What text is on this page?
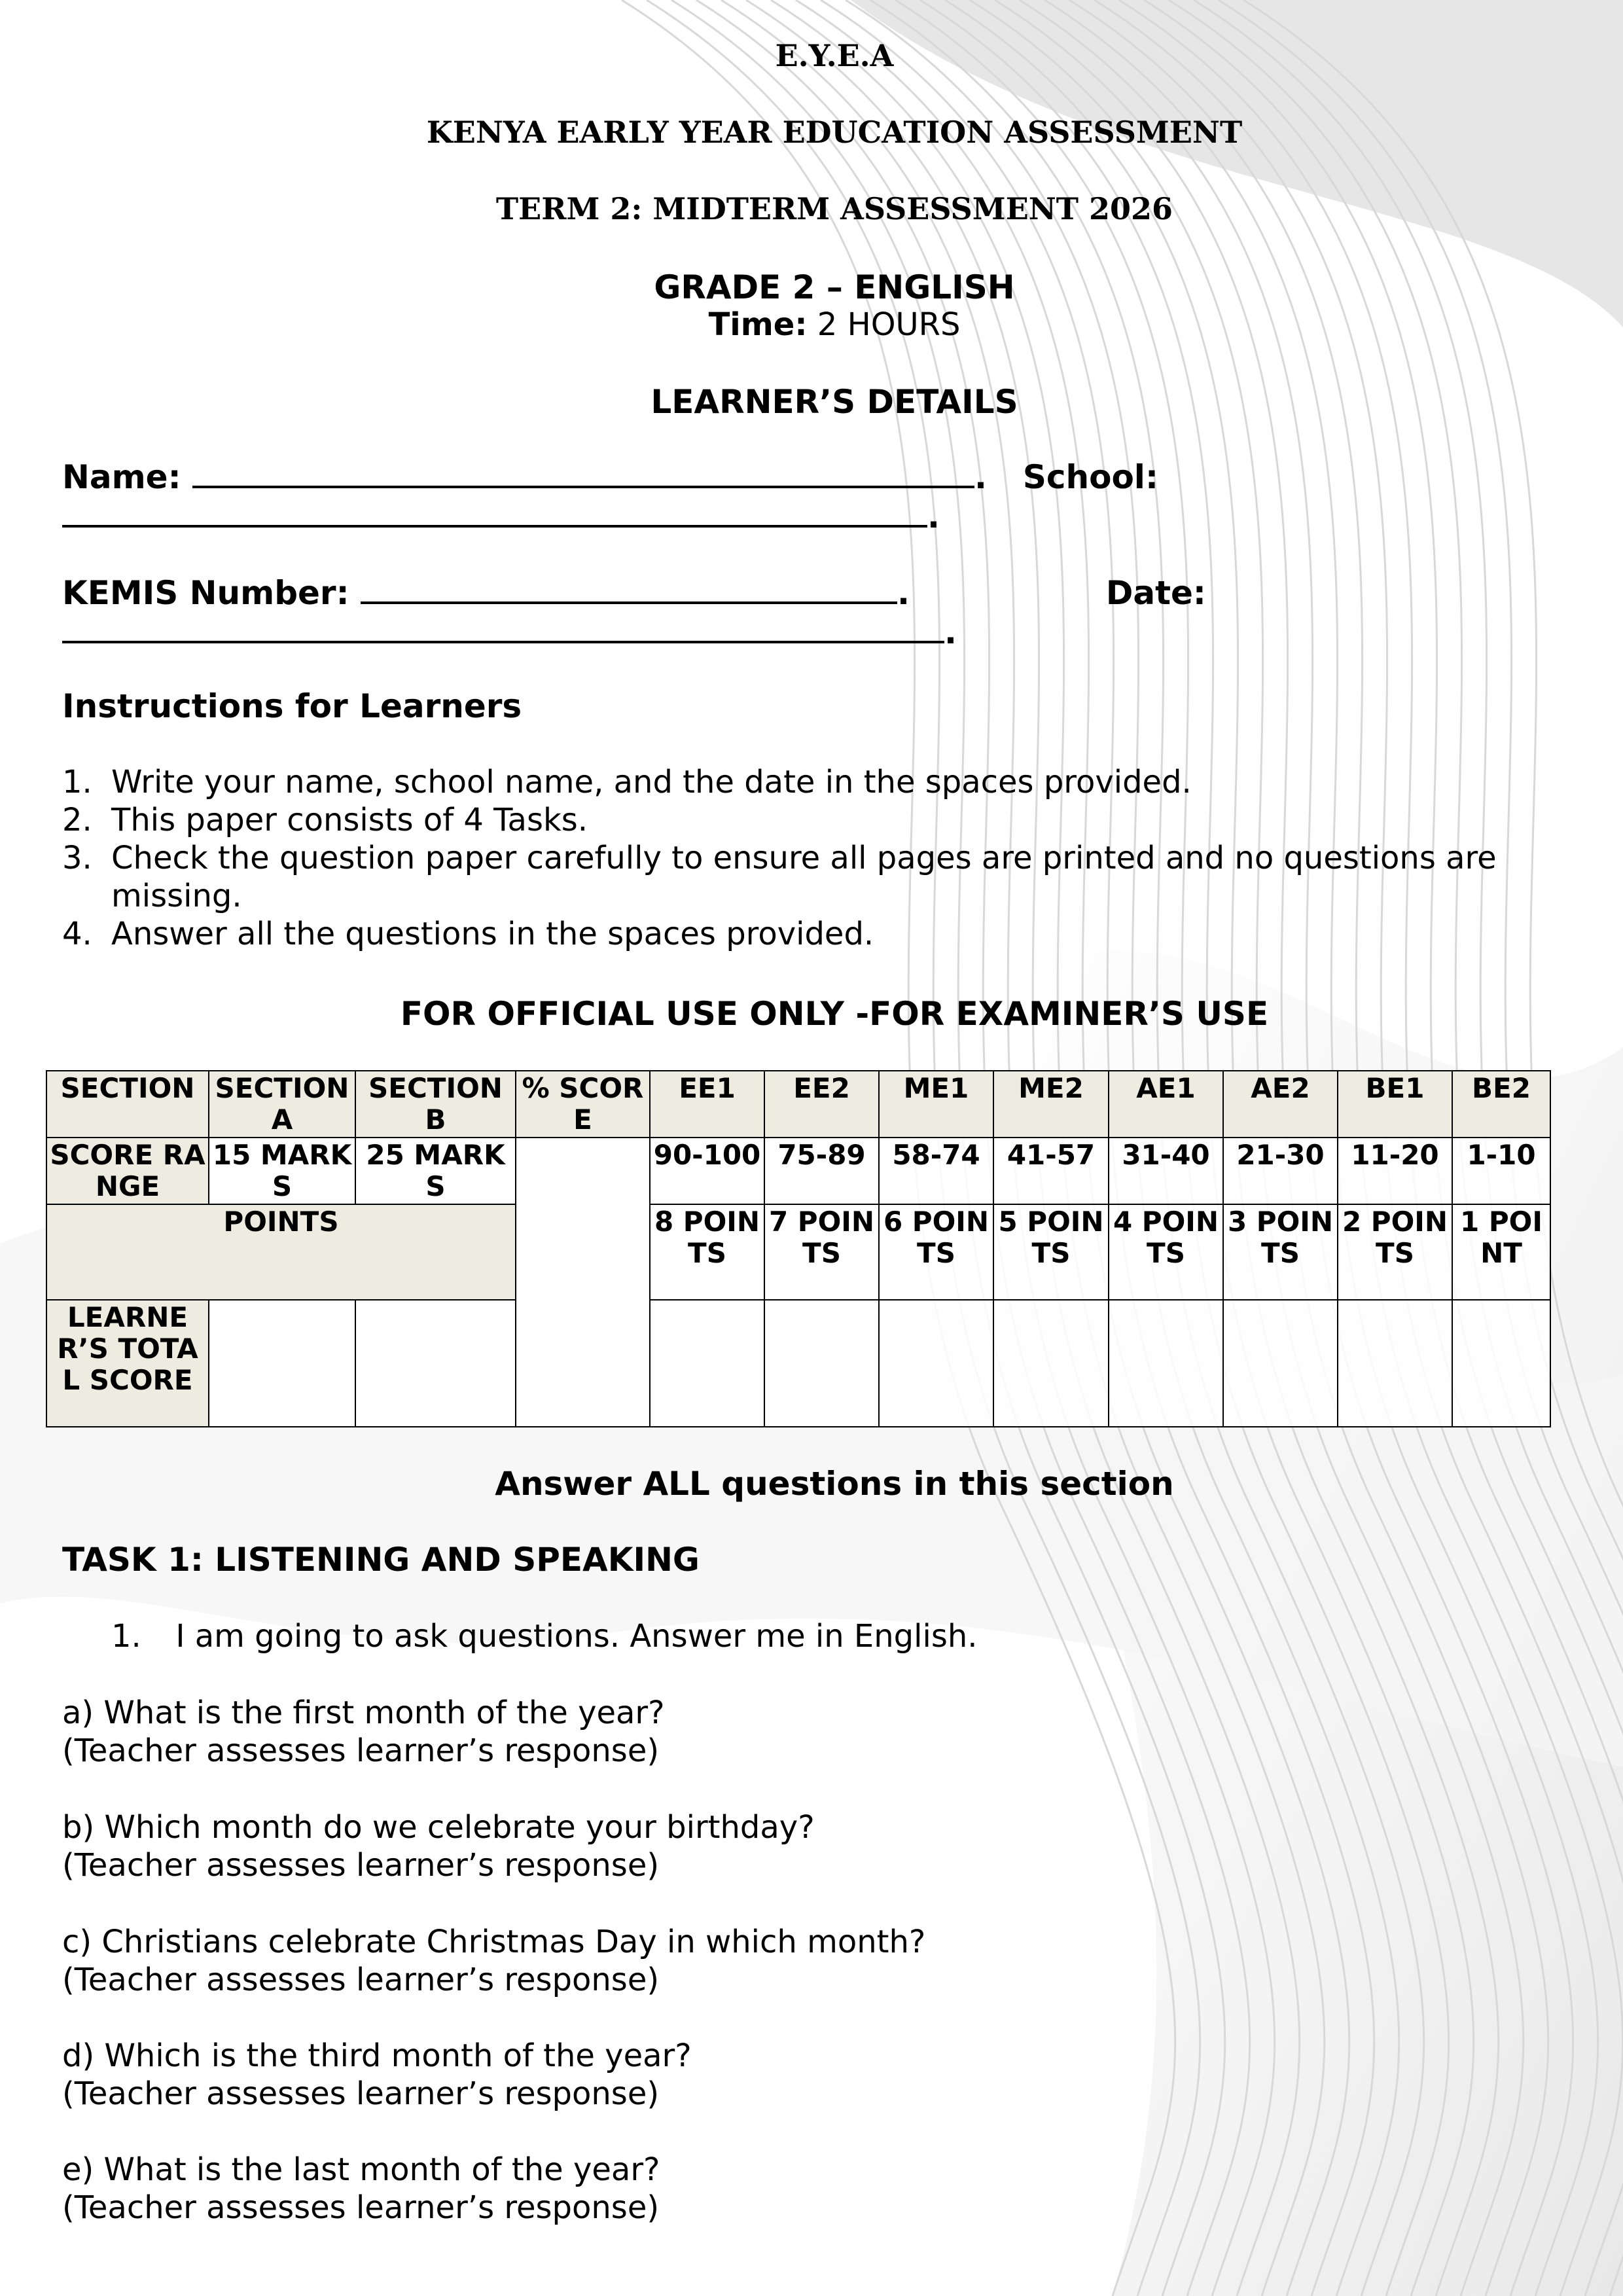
E.Y.E.A
KENYA EARLY YEAR EDUCATION ASSESSMENT
TERM 2: MIDTERM ASSESSMENT 2026
GRADE 2 – ENGLISH
Time: 2 HOURS
LEARNER’S DETAILS
Name:	. School:
.
KEMIS Number:	.	Date:
.
Instructions for Learners
1. Write your name, school name, and the date in the spaces provided.
2. This paper consists of 4 Tasks.
3. Check the question paper carefully to ensure all pages are printed and no questions are missing.
4. Answer all the questions in the spaces provided.
FOR OFFICIAL USE ONLY -FOR EXAMINER’S USE
SECTION	SECTION A	SECTION B	% SCORE	EE1	EE2	ME1	ME2	AE1	AE2	BE1	BE2
SCORE RANGE	15 MARKS	25 MARKS		90-100	75-89	58-74	41-57	31-40	21-30	11-20	1-10
POINTS				8 POINTS	7 POINTS	6 POINTS	5 POINTS	4 POINTS	3 POINTS	2 POINTS	1 POINT
LEARNER’S TOTAL SCORE											
Answer ALL questions in this section
TASK 1: LISTENING AND SPEAKING
1. I am going to ask questions. Answer me in English.
a) What is the first month of the year?
(Teacher assesses learner’s response)
b) Which month do we celebrate your birthday?
(Teacher assesses learner’s response)
c) Christians celebrate Christmas Day in which month?
(Teacher assesses learner’s response)
d) Which is the third month of the year?
(Teacher assesses learner’s response)
e) What is the last month of the year?
(Teacher assesses learner’s response)
